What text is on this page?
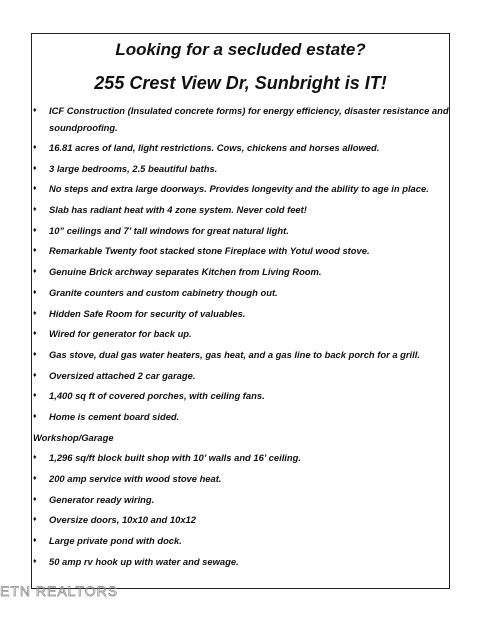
Looking for a secluded estate?
255 Crest View Dr, Sunbright is IT!
♦ ICF Construction (Insulated concrete forms) for energy efficiency, disaster resistance and soundproofing.
♦ 16.81 acres of land, light restrictions. Cows, chickens and horses allowed.
♦ 3 large bedrooms, 2.5 beautiful baths.
♦ No steps and extra large doorways. Provides longevity and the ability to age in place.
♦ Slab has radiant heat with 4 zone system. Never cold feet!
♦ 10” ceilings and 7’ tall windows for great natural light.
♦ Remarkable Twenty foot stacked stone Fireplace with Yotul wood stove.
♦ Genuine Brick archway separates Kitchen from Living Room.
♦ Granite counters and custom cabinetry though out.
♦ Hidden Safe Room for security of valuables.
♦ Wired for generator for back up.
♦ Gas stove, dual gas water heaters, gas heat, and a gas line to back porch for a grill.
♦ Oversized attached 2 car garage.
♦ 1,400 sq ft of covered porches, with ceiling fans.
♦ Home is cement board sided.
Workshop/Garage
♦ 1,296 sq/ft block built shop with 10’ walls and 16’ ceiling.
♦ 200 amp service with wood stove heat.
♦ Generator ready wiring.
♦ Oversize doors, 10x10 and 10x12
♦ Large private pond with dock.
♦ 50 amp rv hook up with water and sewage.
ETN REALTORS
